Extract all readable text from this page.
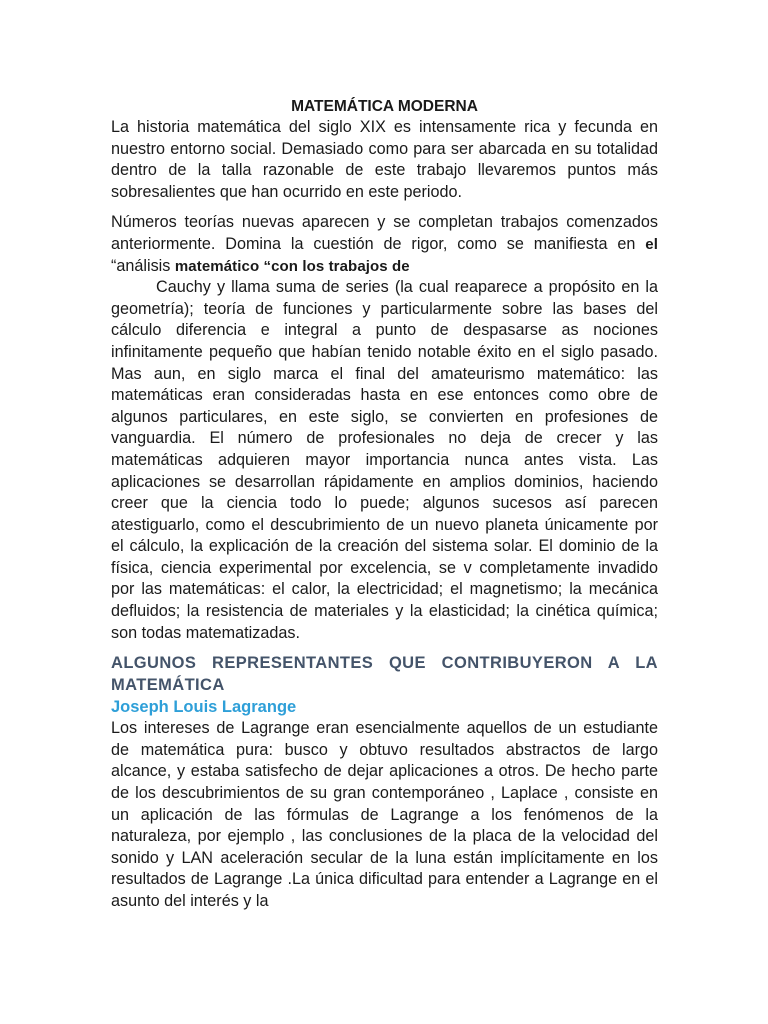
MATEMÁTICA MODERNA

La historia matemática del siglo XIX es intensamente rica y fecunda en nuestro entorno social. Demasiado como para ser abarcada en su totalidad dentro de la talla razonable de este trabajo llevaremos puntos más sobresalientes que han ocurrido en este periodo.

Números teorías nuevas aparecen y se completan trabajos comenzados anteriormente. Domina la cuestión de rigor, como se manifiesta en el “análisis matemático “con los trabajos de
Cauchy y llama suma de series (la cual reaparece a propósito en la geometría); teoría de funciones y particularmente sobre las bases del cálculo diferencia e integral a punto de despasarse as nociones infinitamente pequeño que habían tenido notable éxito en el siglo pasado. Mas aun, en siglo marca el final del amateurismo matemático: las matemáticas eran consideradas hasta en ese entonces como obre de algunos particulares, en este siglo, se convierten en profesiones de vanguardia. El número de profesionales no deja de crecer y las matemáticas adquieren mayor importancia nunca antes vista. Las aplicaciones se desarrollan rápidamente en amplios dominios, haciendo creer que la ciencia todo lo puede; algunos sucesos así parecen atestiguarlo, como el descubrimiento de un nuevo planeta únicamente por el cálculo, la explicación de la creación del sistema solar. El dominio de la física, ciencia experimental por excelencia, se v completamente invadido por las matemáticas: el calor, la electricidad; el magnetismo; la mecánica defluidos; la resistencia de materiales y la elasticidad; la cinética química; son todas matematizadas.

ALGUNOS REPRESENTANTES QUE CONTRIBUYERON A LA MATEMÁTICA
Joseph Louis Lagrange

Los intereses de Lagrange eran esencialmente aquellos de un estudiante de matemática pura: busco y obtuvo resultados abstractos de largo alcance, y estaba satisfecho de dejar aplicaciones a otros. De hecho parte de los descubrimientos de su gran contemporáneo , Laplace , consiste en un aplicación de las fórmulas de Lagrange a los fenómenos de la naturaleza, por ejemplo , las conclusiones de la placa de la velocidad del sonido y LAN aceleración secular de la luna están implícitamente en los resultados de Lagrange .La única dificultad para entender a Lagrange en el asunto del interés y la
